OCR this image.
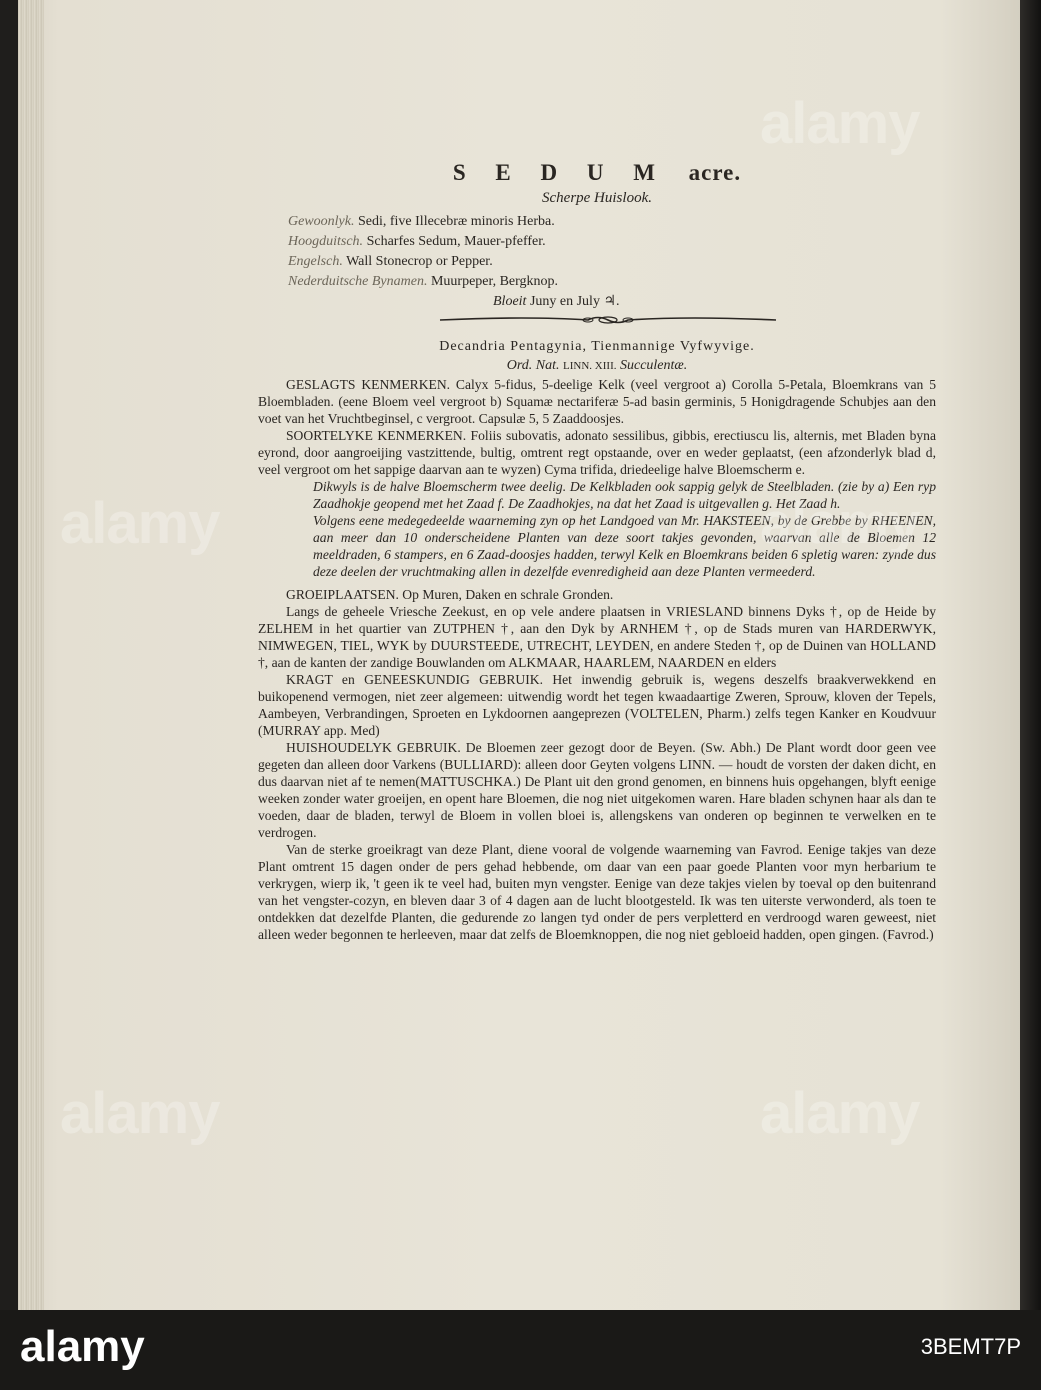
S E D U M acre.

Scherpe Huislook.

Gewoonlyk. Sedi, five Illecebræ minoris Herba.
Hoogduitsch. Scharfes Sedum, Mauer-pfeffer.
Engelsch. Wall Stonecrop or Pepper.
Nederduitsche Bynamen. Muurpeper, Bergknop.
Bloeit Juny en July ♃.
Decandria Pentagynia, Tienmannige Vyfwyvige.
Ord. Nat. LINN. XIII. Succulentæ.
GESLAGTS KENMERKEN. Calyx 5-fidus, 5-deelige Kelk (veel vergroot a) Corolla 5-Petala, Bloemkrans van 5 Bloembladen. (eene Bloem veel vergroot b) Squamæ nectariferæ 5-ad basin germinis, 5 Honigdragende Schubjes aan den voet van het Vruchtbeginsel, c vergroot. Capsulæ 5, 5 Zaaddoosjes.
SOORTELYKE KENMERKEN. Foliis subovatis, adonato sessilibus, gibbis, erectiuscu lis, alternis, met Bladen byna eyrond, door aangroeijing vastzittende, bultig, omtrent regt opstaande, over en weder geplaatst, (een afzonderlyk blad d, veel vergroot om het sappige daarvan aan te wyzen) Cyma trifida, driedeelige halve Bloemscherm e.
Dikwyls is de halve Bloemscherm twee deelig. De Kelkbladen ook sappig gelyk de Steelbladen. (zie by a) Een ryp Zaadhokje geopend met het Zaad f. De Zaadhokjes, na dat het Zaad is uitgevallen g. Het Zaad h.
Volgens eene medegedeelde waarneming zyn op het Landgoed van Mr. HAKSTEEN, by de Grebbe by RHEENEN, aan meer dan 10 onderscheidene Planten van deze soort takjes gevonden, waarvan alle de Bloemen 12 meeldraden, 6 stampers, en 6 Zaad-doosjes hadden, terwyl Kelk en Bloemkrans beiden 6 spletig waren: zynde dus deze deelen der vruchtmaking allen in dezelfde evenredigheid aan deze Planten vermeederd.
GROEIPLAATSEN. Op Muren, Daken en schrale Gronden.
Langs de geheele Vriesche Zeekust, en op vele andere plaatsen in VRIESLAND binnens Dyks †, op de Heide by ZELHEM in het quartier van ZUTPHEN †, aan den Dyk by ARNHEM †, op de Stads muren van HARDERWYK, NIMWEGEN, TIEL, WYK by DUURSTEEDE, UTRECHT, LEYDEN, en andere Steden †, op de Duinen van HOLLAND †, aan de kanten der zandige Bouwlanden om ALKMAAR, HAARLEM, NAARDEN en elders
KRAGT en GENEESKUNDIG GEBRUIK. Het inwendig gebruik is, wegens deszelfs braakverwekkend en buikopenend vermogen, niet zeer algemeen: uitwendig wordt het tegen kwaadaartige Zweren, Sprouw, kloven der Tepels, Aambeyen, Verbrandingen, Sproeten en Lykdoornen aangeprezen (VOLTELEN, Pharm.) zelfs tegen Kanker en Koudvuur (MURRAY app. Med)
HUISHOUDELYK GEBRUIK. De Bloemen zeer gezogt door de Beyen. (Sw. Abh.) De Plant wordt door geen vee gegeten dan alleen door Varkens (BULLIARD): alleen door Geyten volgens LINN. — houdt de vorsten der daken dicht, en dus daarvan niet af te nemen(MATTUSCHKA.) De Plant uit den grond genomen, en binnens huis opgehangen, blyft eenige weeken zonder water groeijen, en opent hare Bloemen, die nog niet uitgekomen waren. Hare bladen schynen haar als dan te voeden, daar de bladen, terwyl de Bloem in vollen bloei is, allengskens van onderen op beginnen te verwelken en te verdrogen.
Van de sterke groeikragt van deze Plant, diene vooral de volgende waarneming van Favrod. Eenige takjes van deze Plant omtrent 15 dagen onder de pers gehad hebbende, om daar van een paar goede Planten voor myn herbarium te verkrygen, wierp ik, 't geen ik te veel had, buiten myn vengster. Eenige van deze takjes vielen by toeval op den buitenrand van het vengster-cozyn, en bleven daar 3 of 4 dagen aan de lucht blootgesteld. Ik was ten uiterste verwonderd, als toen te ontdekken dat dezelfde Planten, die gedurende zo langen tyd onder de pers verpletterd en verdroogd waren geweest, niet alleen weder begonnen te herleeven, maar dat zelfs de Bloemknoppen, die nog niet gebloeid hadden, open gingen. (Favrod.)
alamy	alamy
alamy	alamy
alamy
alamy	3BEMT7P
